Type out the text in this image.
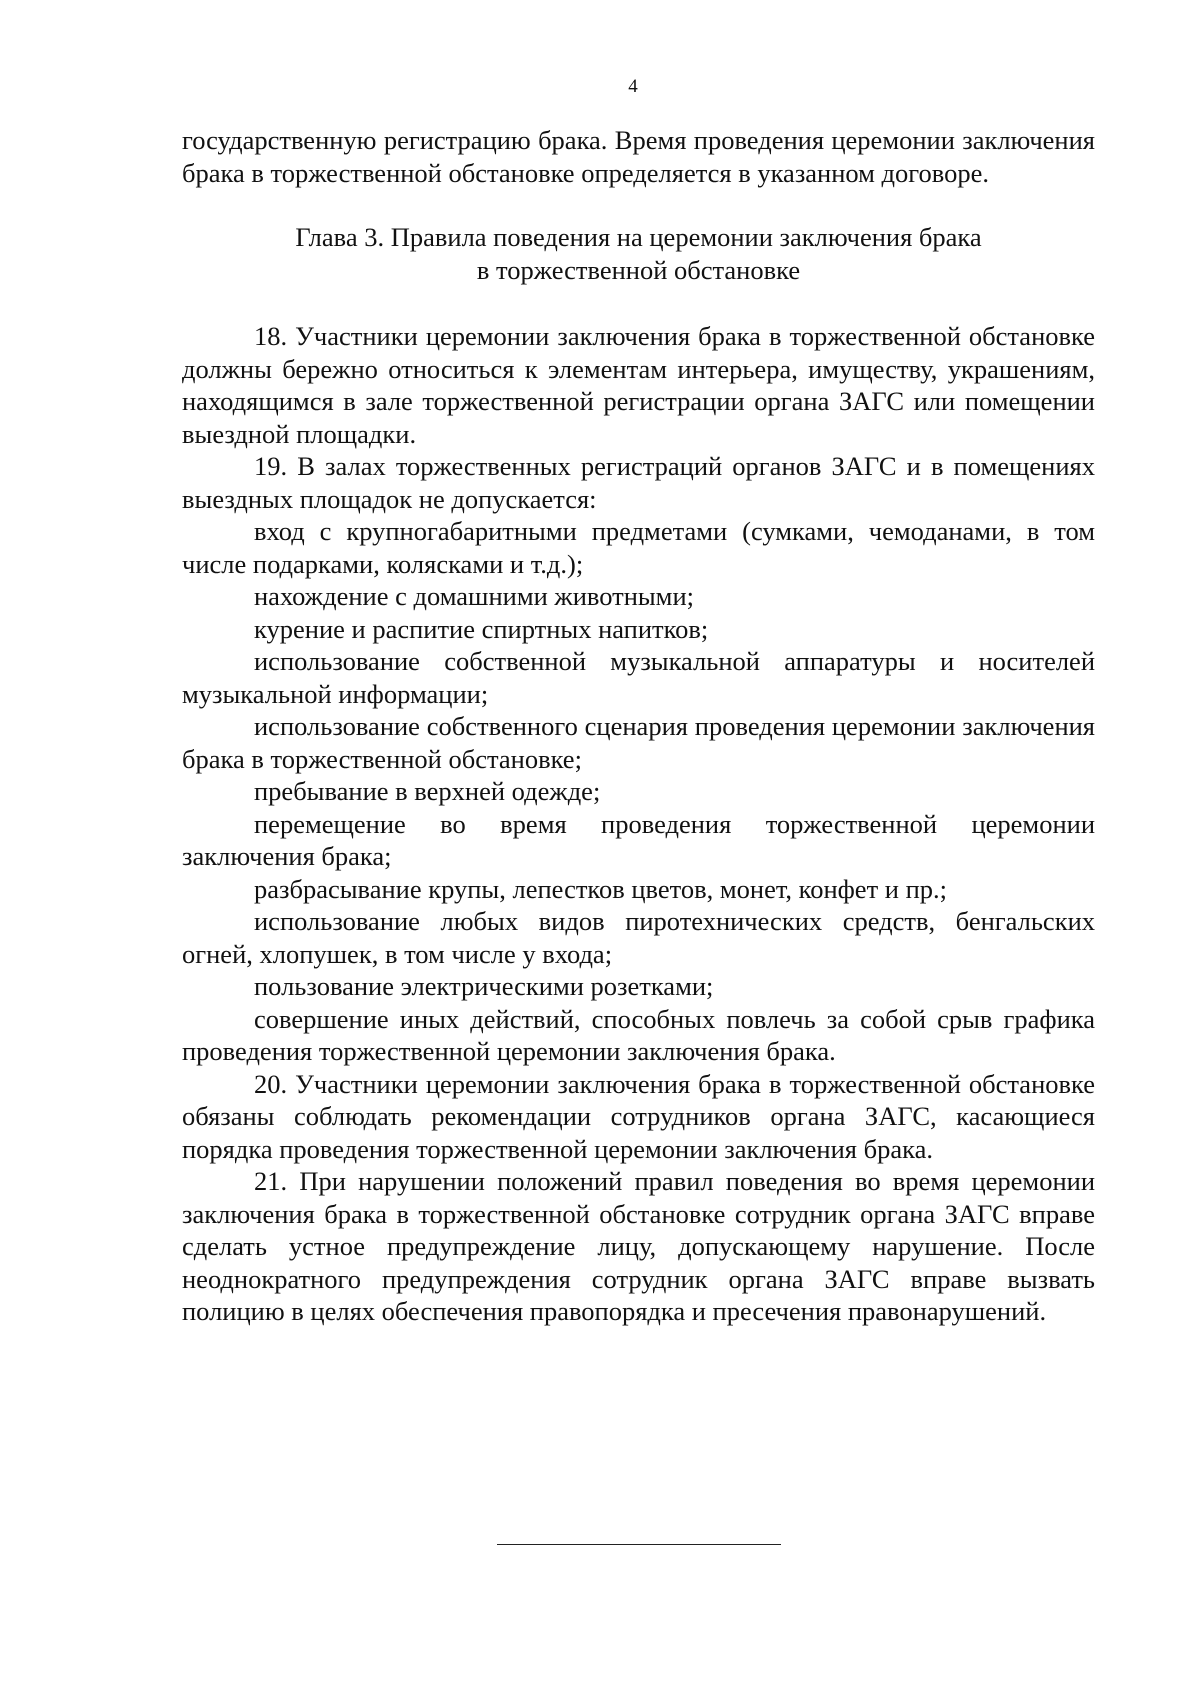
4

государственную регистрацию брака. Время проведения церемонии заключения брака в торжественной обстановке определяется в указанном договоре.

Глава 3. Правила поведения на церемонии заключения брака
в торжественной обстановке

18. Участники церемонии заключения брака в торжественной обстановке должны бережно относиться к элементам интерьера, имуществу, украшениям, находящимся в зале торжественной регистрации органа ЗАГС или помещении выездной площадки.

19. В залах торжественных регистраций органов ЗАГС и в помещениях выездных площадок не допускается:

вход с крупногабаритными предметами (сумками, чемоданами, в том числе подарками, колясками и т.д.);

нахождение с домашними животными;

курение и распитие спиртных напитков;

использование собственной музыкальной аппаратуры и носителей музыкальной информации;

использование собственного сценария проведения церемонии заключения брака в торжественной обстановке;

пребывание в верхней одежде;

перемещение во время проведения торжественной церемонии заключения брака;

разбрасывание крупы, лепестков цветов, монет, конфет и пр.;

использование любых видов пиротехнических средств, бенгальских огней, хлопушек, в том числе у входа;

пользование электрическими розетками;

совершение иных действий, способных повлечь за собой срыв графика проведения торжественной церемонии заключения брака.

20. Участники церемонии заключения брака в торжественной обстановке обязаны соблюдать рекомендации сотрудников органа ЗАГС, касающиеся порядка проведения торжественной церемонии заключения брака.

21. При нарушении положений правил поведения во время церемонии заключения брака в торжественной обстановке сотрудник органа ЗАГС вправе сделать устное предупреждение лицу, допускающему нарушение. После неоднократного предупреждения сотрудник органа ЗАГС вправе вызвать полицию в целях обеспечения правопорядка и пресечения правонарушений.
